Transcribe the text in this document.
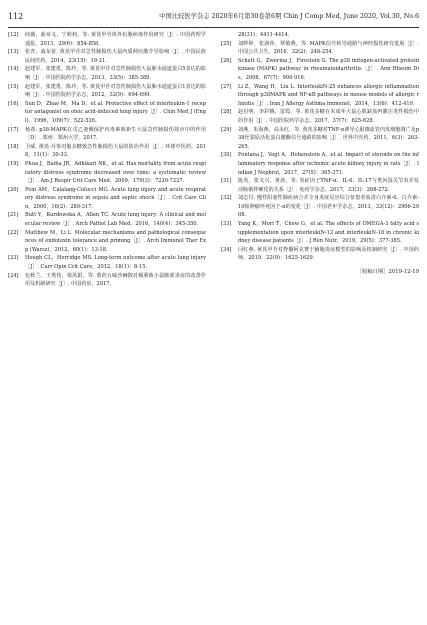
112	中国比较医学杂志 2020年6月第30卷第6期 Chin J Comp Med, June 2020, Vol.30, No.6
[12]	商薇，曲章义，宁莉莉，等. 黄芪甲苷体外抗脓病毒作用研究［J］. 中国药理学通报，2013，29(6)：854-858.
[13]	张青，戚东征. 黄芪甲苷对急性肺损伤大鼠内质网应激介导影响［J］. 中国民族民间医药，2014，23(15)：19-21.
[14]	赵建军，张建勇，陈玲，等. 黄芪甲苷对急性肺损伤大鼠肺水通道蛋白5表达的影响［J］. 中国医院药学杂志，2013，33(5)：385-389.
[15]	赵建军，张建勇，陈玲，等. 黄芪甲苷对急性肺损伤大鼠肺水通道蛋白1表达的影响［J］. 中国医院药学杂志，2012，32(9)：694-699.
[16]	Sun D，Zhao M，Ma D，et al. Protective effect of interleukin-1 receptor antagonist on oleic acid-induced lung injury［J］. Chin Med J (Engl)，1996，109(7)：522-526.
[17]	杨希. p38-MAPK在戊乙妻侧保护内毒素致新生大鼠急性肺损伤效应中的作用［D］. 郑州：郑州大学，2017.
[18]	卫威. 黄芪-丹参对脂多糖致急性肺损伤大鼠的防治作用［J］. 环球中医药，2018，11(1)：30-33.
[19]	Phua J，Badia JR，Adhikari NK，et al. Has mortality from acute respiratory distress syndrome decreased over time: a systematic review［J］. Am J Respir Crit Care Med，2009，179(3)：7220-7227.
[20]	Fein AM，Calalang-Colucci MG. Acute lung injury and acute respiratory distress syndrome in sepsis and septic shock［J］. Crit Care Clin，2000，16(2)：289-317.
[21]	Butt Y，Kurdowska A，Allen TC. Acute lung injury: A clinical and molecular review［J］. Arch Pathol Lab Med，2016，140(4)：345-350.
[22]	Matthew M，Li L. Molecular mechanisms and pathological consequences of endotoxin tolerance and priming［J］. Arch Immunol Ther Exp (Warsz)，2012，60(1)：13-18.
[23]	Hough CL，Herridge MS. Long-term outcome after acute lung injury［J］. Curr Opin Crit Care，2012，18(1)：8-15.
[24]	包秋兰，王秀枝，梁凤娟，等. 蒙药五味沙棘散对烟熏致小鼠肺部炎症的改善作用及机制研究［J］. 中国药房，2017，
28(31)：4411-4414.
[25]	刘晔婷，张淑萍，覃敏燕，等. MAPK信号转导通路与神经损伤研究进展［J］. 中国公共卫生，2016，32(2)：248-254.
[26]	Schett G，Zwerina J，Firestein G. The p38 mitogen-activated protein kinase (MAPK) pathway in rheumatoidarthritis［J］. Ann Rheum Dis，2008，67(7)：909-916.
[27]	Li Z，Wang H，Liu L. InterleukiN-25 enhances allergic inflammation through p38MAPK and NF-κB pathways in mouse models of allergic rhinitis［J］. Iran J Allergy Asthma Immunol，2014，13(6)：412-419.
[28]	赵启明，李彩娥，雷霞，等. 黄芪多糖在未成年大鼠心肌缺血再灌注炎性损伤中的作用［J］. 中国医院药学杂志，2017，37(7)：625-628.
[29]	刘燕，朱海燕，高永红，等. 黄芪多糖对TNF-α诱导心脏微血管内皮细胞凋亡及p38丝裂原活化蛋白激酶信号通路的影响［J］. 世界中医药，2011，6(3)：263-265.
[30]	Fontana J，Vogt A，Hohenstein A，et al. Impact of steroids on the inflammatory response after ischemic acute kidney injury in rats［J］. Indian J Nephrol，2017，27(5)：365-371.
[31]	陈英，张文兴，黄涛，等. 炎症因子TNF-α、IL-6、IL-17与类风湿关节炎并发动脉粥样硬化的关系［J］. 免疫学杂志，2017，33(3)：268-272.
[32]	刘志丹. 慢性阻塞性肺疾病合并全身炎症反应综合征患者血清白介素-6、白介素-10和肿瘤坏死因子-α的变化［J］. 中国老年学杂志，2013，33(12)：2906-2908.
[33]	Yang K，Mori T，Chew G，et al. The effects of OMEGA-3 fatty acid supplementation upon interleukiN-12 and interleukiN-18 in chronic kidney disease patients［J］. J Ren Nutr，2019，29(5)：377-385.
[34]	闫红燕. 黄芪甲苷对脊髓阿克赛于脑胞炎症模型的影响及机制研究［J］. 中国药师，2019，22(9)：1625-1629.
［收稿日期］2019-12-19
